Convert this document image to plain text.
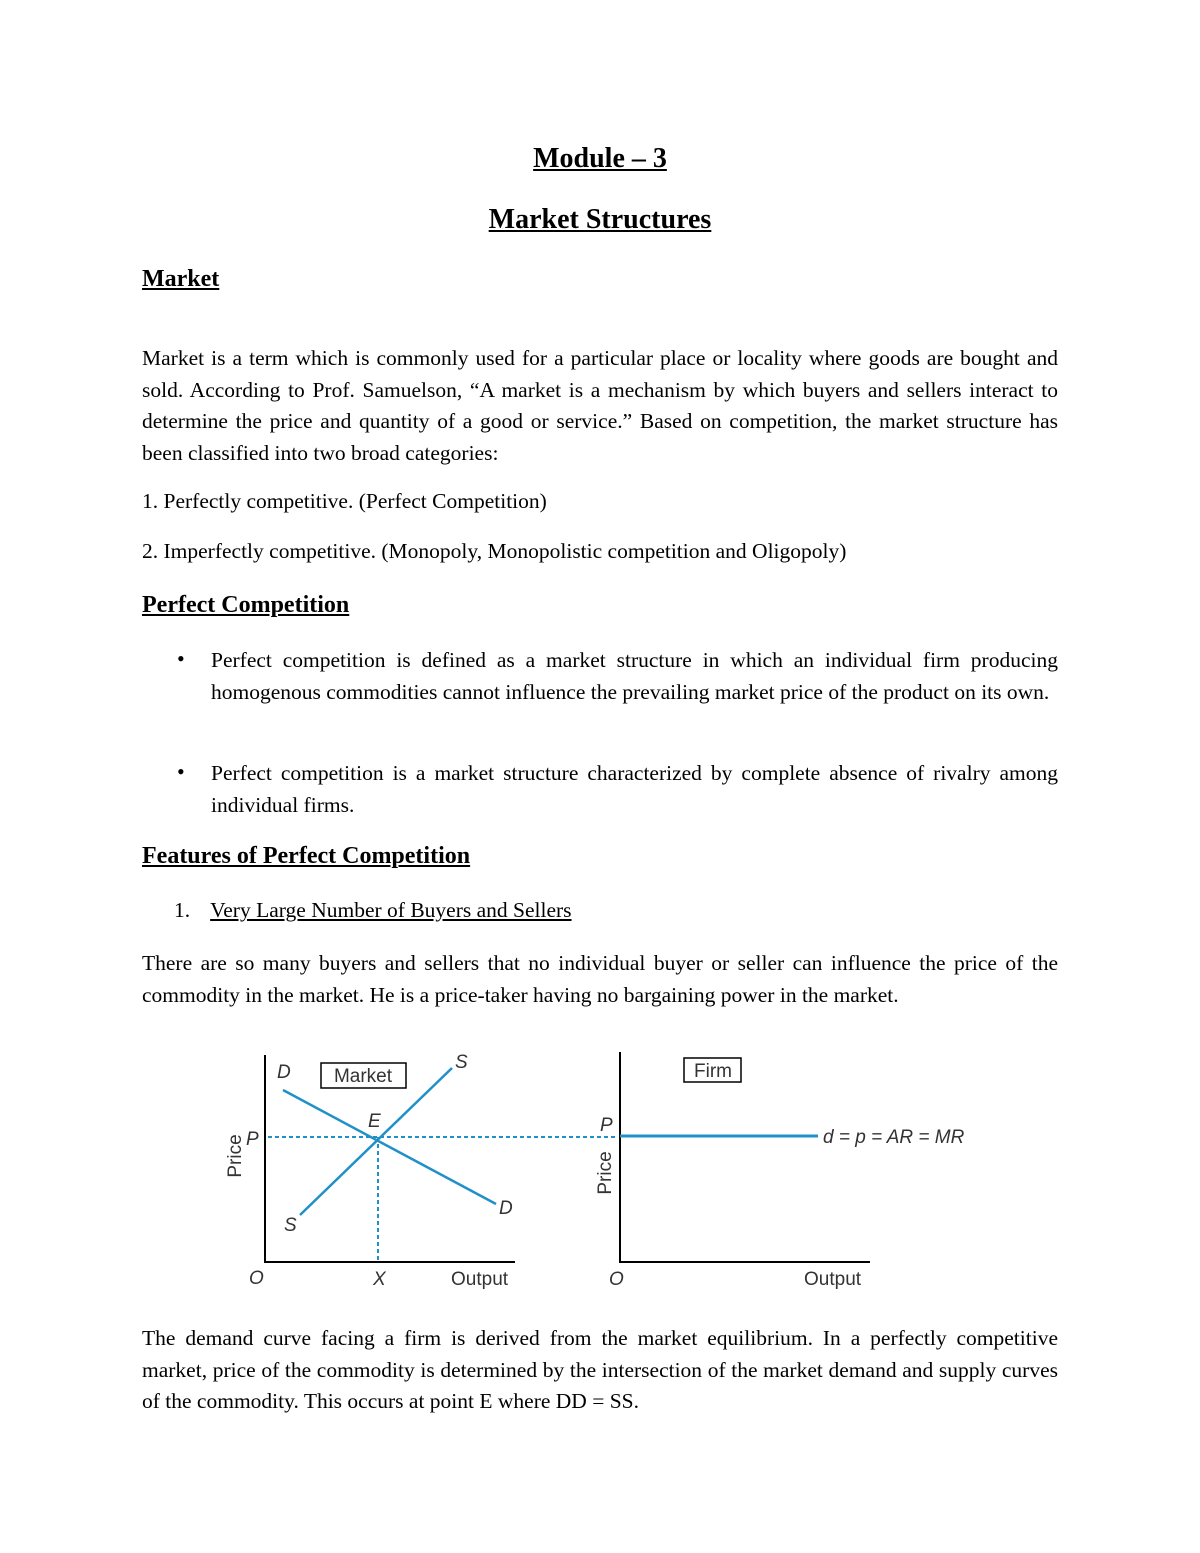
Module – 3
Market Structures
Market
Market is a term which is commonly used for a particular place or locality where goods are bought and sold. According to Prof. Samuelson, “A market is a mechanism by which buyers and sellers interact to determine the price and quantity of a good or service.” Based on competition, the market structure has been classified into two broad categories:
1. Perfectly competitive. (Perfect Competition)
2. Imperfectly competitive. (Monopoly, Monopolistic competition and Oligopoly)
Perfect Competition
• Perfect competition is defined as a market structure in which an individual firm producing homogenous commodities cannot influence the prevailing market price of the product on its own.
• Perfect competition is a market structure characterized by complete absence of rivalry among individual firms.
Features of Perfect Competition
1. Very Large Number of Buyers and Sellers
There are so many buyers and sellers that no individual buyer or seller can influence the price of the commodity in the market. He is a price-taker having no bargaining power in the market.
Market
D
D
S
S
E
P
Price
O	X	Output
Firm
d = p = AR = MR
P
Price
O	Output
The demand curve facing a firm is derived from the market equilibrium. In a perfectly competitive market, price of the commodity is determined by the intersection of the market demand and supply curves of the commodity. This occurs at point E where DD = SS.
